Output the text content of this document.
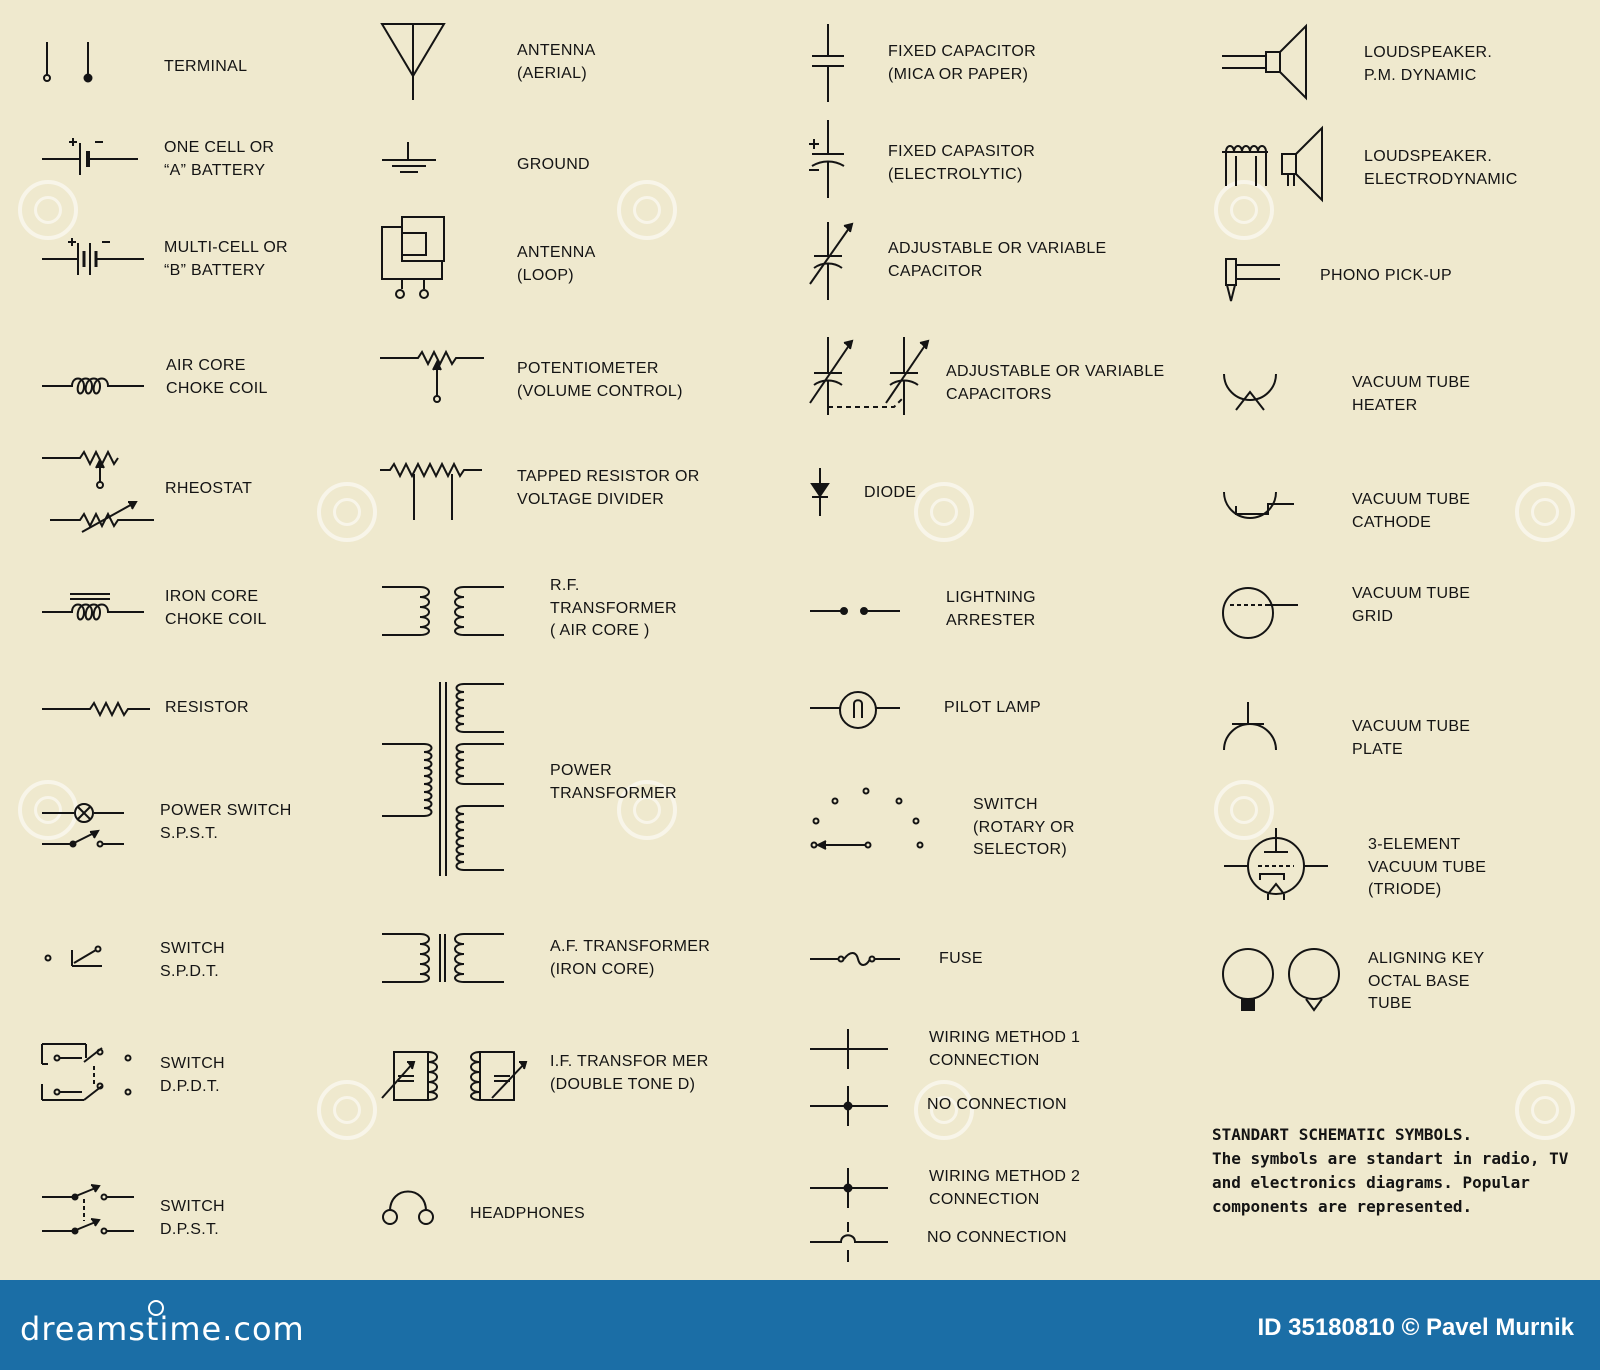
TERMINAL
ONE CELL OR
“A” BATTERY
MULTI-CELL OR
“B” BATTERY
AIR CORE
CHOKE COIL
RHEOSTAT
IRON CORE
CHOKE COIL
RESISTOR
POWER SWITCH
S.P.S.T.
SWITCH
S.P.D.T.
SWITCH
D.P.D.T.
SWITCH
D.P.S.T.
ANTENNA
(AERIAL)
GROUND
ANTENNA
(LOOP)
POTENTIOMETER
(VOLUME CONTROL)
TAPPED RESISTOR OR
VOLTAGE DIVIDER
R.F.
TRANSFORMER
( AIR CORE )
POWER
TRANSFORMER
A.F. TRANSFORMER
(IRON CORE)
I.F. TRANSFOR MER
(DOUBLE TONE D)
HEADPHONES
FIXED CAPACITOR
(MICA OR PAPER)
FIXED CAPASITOR
(ELECTROLYTIC)
ADJUSTABLE OR VARIABLE
CAPACITOR
ADJUSTABLE OR VARIABLE
CAPACITORS
DIODE
LIGHTNING
ARRESTER
PILOT LAMP
SWITCH
(ROTARY OR
SELECTOR)
FUSE
WIRING METHOD 1
CONNECTION
NO CONNECTION
WIRING METHOD 2
CONNECTION
NO CONNECTION
LOUDSPEAKER.
P.M. DYNAMIC
LOUDSPEAKER.
ELECTRODYNAMIC
PHONO PICK-UP
VACUUM TUBE
HEATER
VACUUM TUBE
CATHODE
VACUUM TUBE
GRID
VACUUM TUBE
PLATE
3-ELEMENT
VACUUM TUBE
(TRIODE)
ALIGNING KEY
OCTAL BASE
TUBE
STANDART SCHEMATIC SYMBOLS.
The symbols are standart in radio, TV
and electronics diagrams. Popular
components are represented.
dreamstime.com	ID 35180810 © Pavel Murnik
